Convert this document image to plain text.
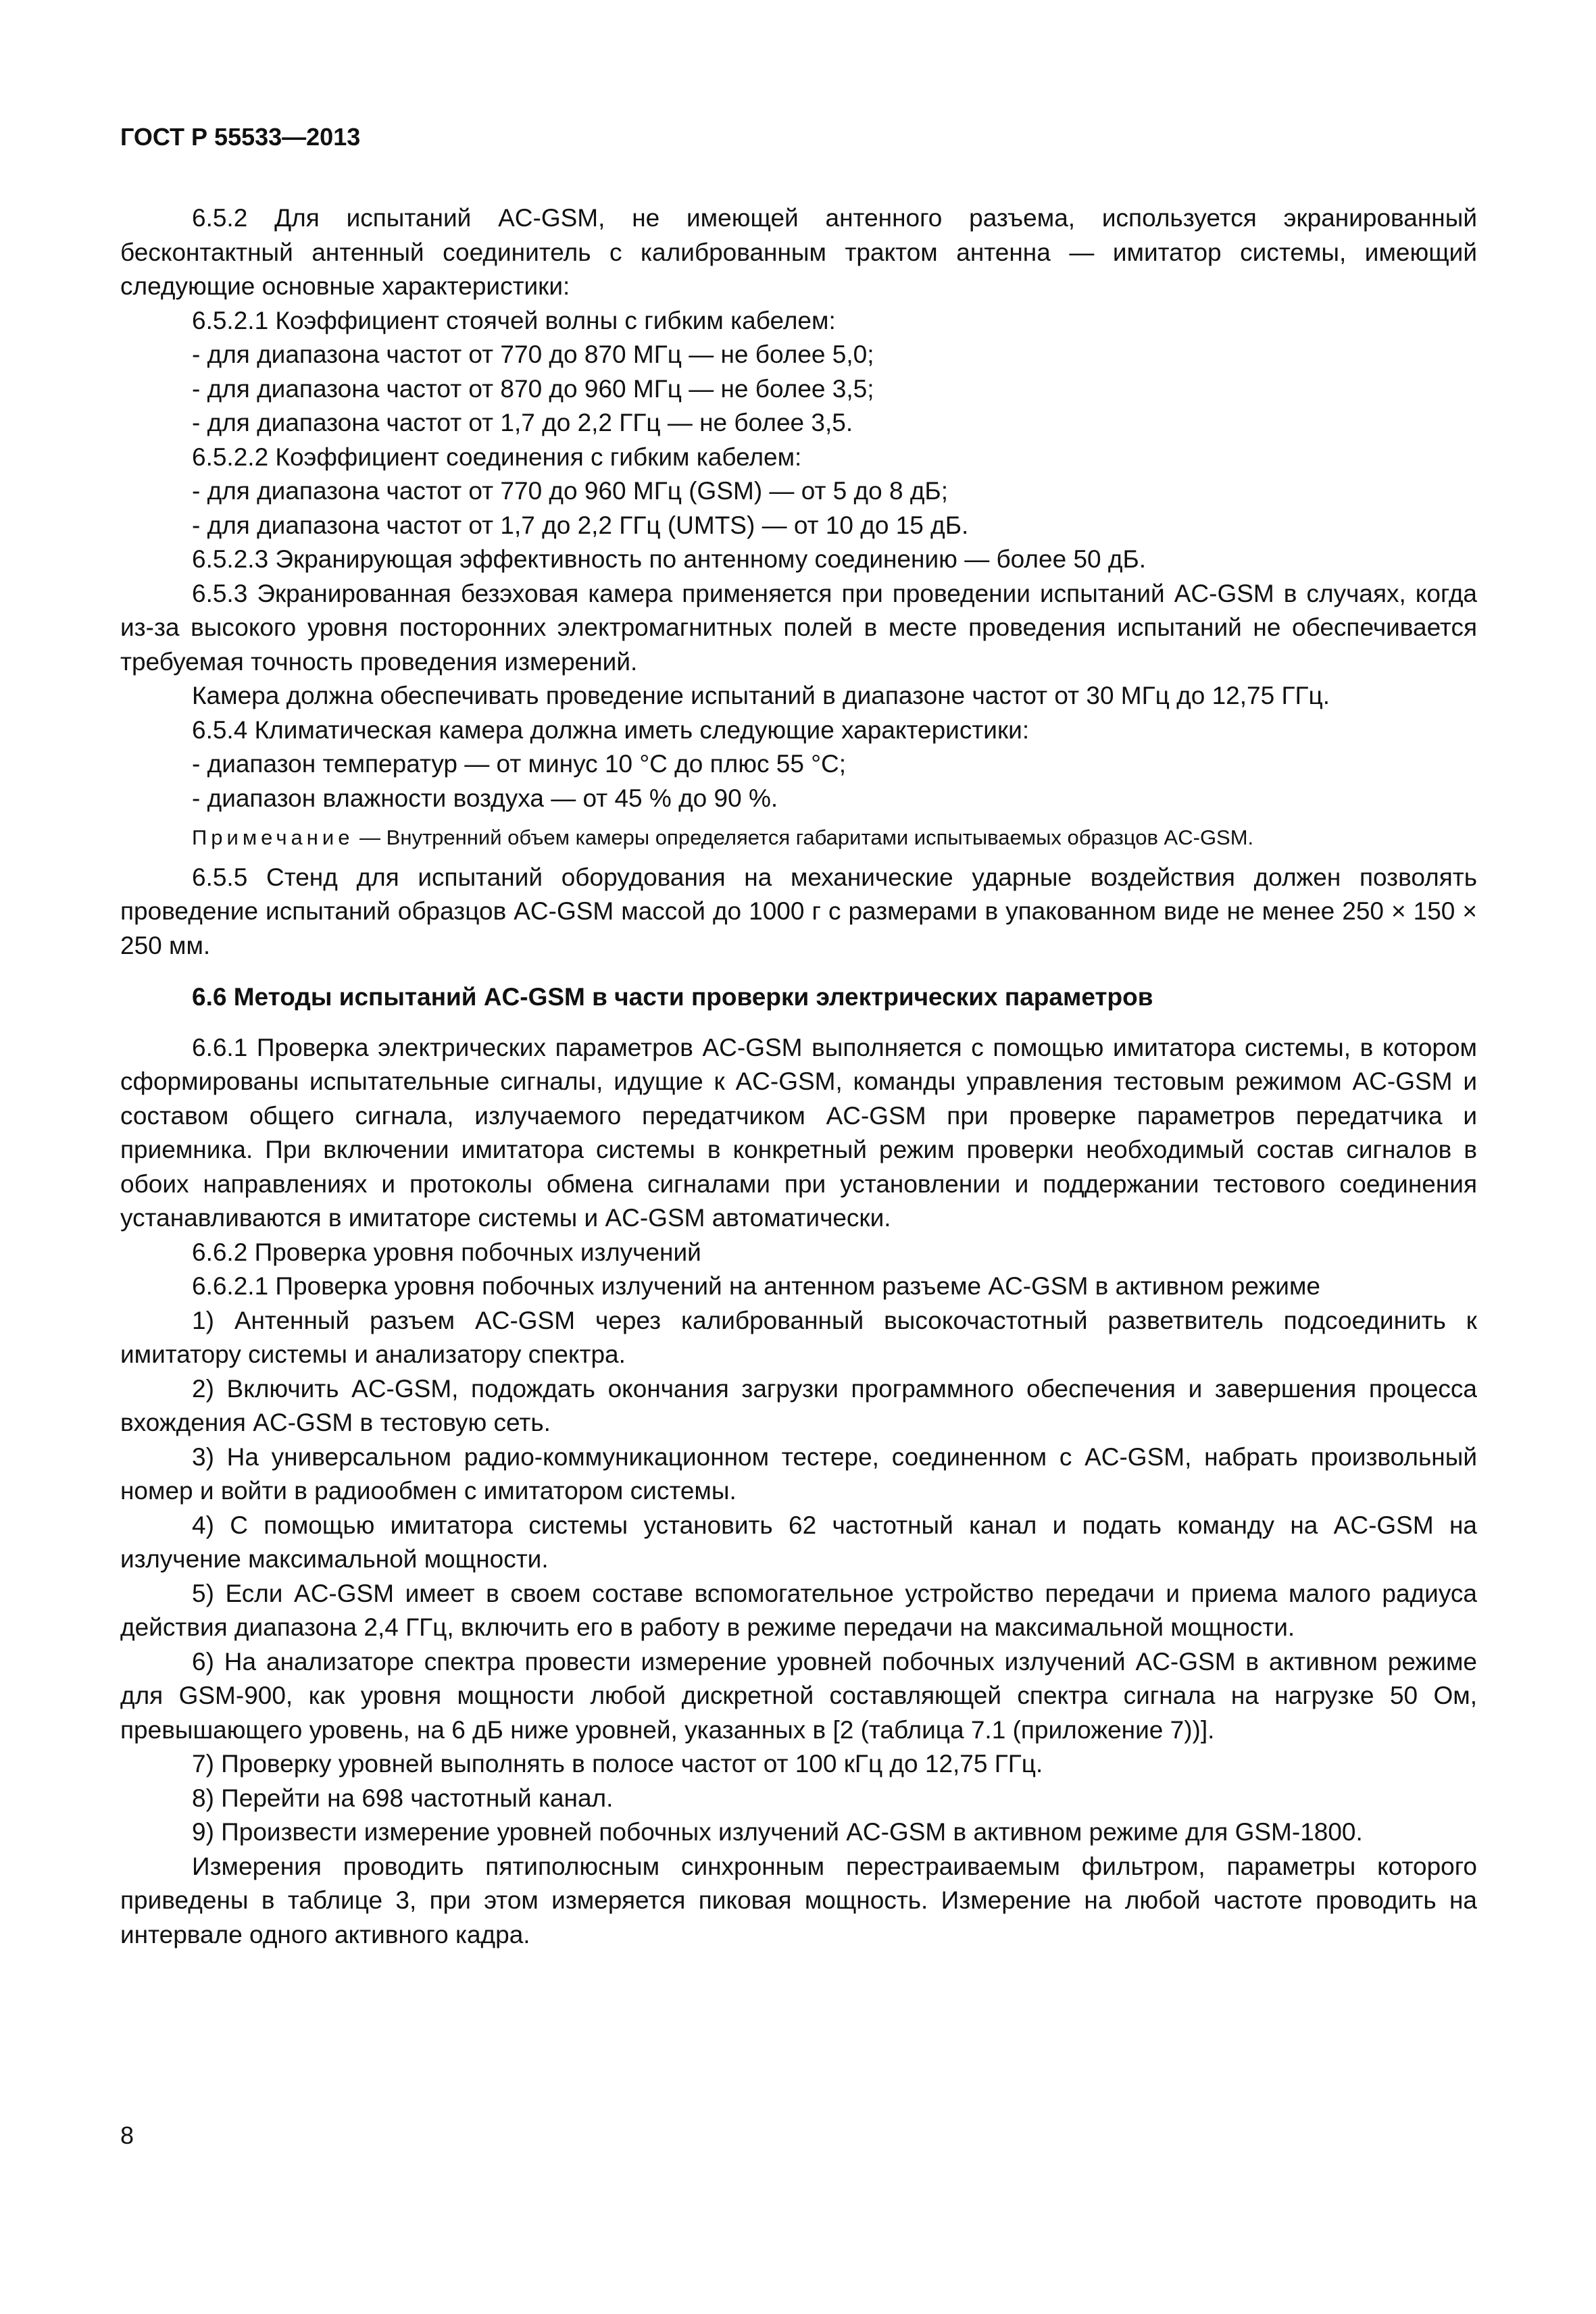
ГОСТ Р 55533—2013

6.5.2 Для испытаний AC-GSM, не имеющей антенного разъема, используется экранированный бесконтактный антенный соединитель с калиброванным трактом антенна — имитатор системы, имеющий следующие основные характеристики:

6.5.2.1 Коэффициент стоячей волны с гибким кабелем:

- для диапазона частот от 770 до 870 МГц — не более 5,0;

- для диапазона частот от 870 до 960 МГц — не более 3,5;

- для диапазона частот от 1,7 до 2,2 ГГц — не более 3,5.

6.5.2.2 Коэффициент соединения с гибким кабелем:

- для диапазона частот от 770 до 960 МГц (GSM) — от 5 до 8 дБ;

- для диапазона частот от 1,7 до 2,2 ГГц (UMTS) — от 10 до 15 дБ.

6.5.2.3 Экранирующая эффективность по антенному соединению — более 50 дБ.

6.5.3 Экранированная безэховая камера применяется при проведении испытаний AC-GSM в случаях, когда из-за высокого уровня посторонних электромагнитных полей в месте проведения испытаний не обеспечивается требуемая точность проведения измерений.

Камера должна обеспечивать проведение испытаний в диапазоне частот от 30 МГц до 12,75 ГГц.

6.5.4 Климатическая камера должна иметь следующие характеристики:

- диапазон температур — от минус 10 °С до плюс 55 °С;

- диапазон влажности воздуха — от 45 % до 90 %.

Примечание — Внутренний объем камеры определяется габаритами испытываемых образцов AC-GSM.

6.5.5 Стенд для испытаний оборудования на механические ударные воздействия должен позволять проведение испытаний образцов AC-GSM массой до 1000 г с размерами в упакованном виде не менее 250 × 150 × 250 мм.

6.6 Методы испытаний AC-GSM в части проверки электрических параметров

6.6.1 Проверка электрических параметров AC-GSM выполняется с помощью имитатора системы, в котором сформированы испытательные сигналы, идущие к AC-GSM, команды управления тестовым режимом AC-GSM и составом общего сигнала, излучаемого передатчиком AC-GSM при проверке параметров передатчика и приемника. При включении имитатора системы в конкретный режим проверки необходимый состав сигналов в обоих направлениях и протоколы обмена сигналами при установлении и поддержании тестового соединения устанавливаются в имитаторе системы и AC-GSM автоматически.

6.6.2 Проверка уровня побочных излучений

6.6.2.1 Проверка уровня побочных излучений на антенном разъеме AC-GSM в активном режиме

1) Антенный разъем AC-GSM через калиброванный высокочастотный разветвитель подсоединить к имитатору системы и анализатору спектра.

2) Включить AC-GSM, подождать окончания загрузки программного обеспечения и завершения процесса вхождения AC-GSM в тестовую сеть.

3) На универсальном радио-коммуникационном тестере, соединенном с AC-GSM, набрать произвольный номер и войти в радиообмен с имитатором системы.

4) С помощью имитатора системы установить 62 частотный канал и подать команду на AC-GSM на излучение максимальной мощности.

5) Если AC-GSM имеет в своем составе вспомогательное устройство передачи и приема малого радиуса действия диапазона 2,4 ГГц, включить его в работу в режиме передачи на максимальной мощности.

6) На анализаторе спектра провести измерение уровней побочных излучений AC-GSM в активном режиме для GSM-900, как уровня мощности любой дискретной составляющей спектра сигнала на нагрузке 50 Ом, превышающего уровень, на 6 дБ ниже уровней, указанных в [2 (таблица 7.1 (приложение 7))].

7) Проверку уровней выполнять в полосе частот от 100 кГц до 12,75 ГГц.

8) Перейти на 698 частотный канал.

9) Произвести измерение уровней побочных излучений AC-GSM в активном режиме для GSM-1800.

Измерения проводить пятиполюсным синхронным перестраиваемым фильтром, параметры которого приведены в таблице 3, при этом измеряется пиковая мощность. Измерение на любой частоте проводить на интервале одного активного кадра.

8
